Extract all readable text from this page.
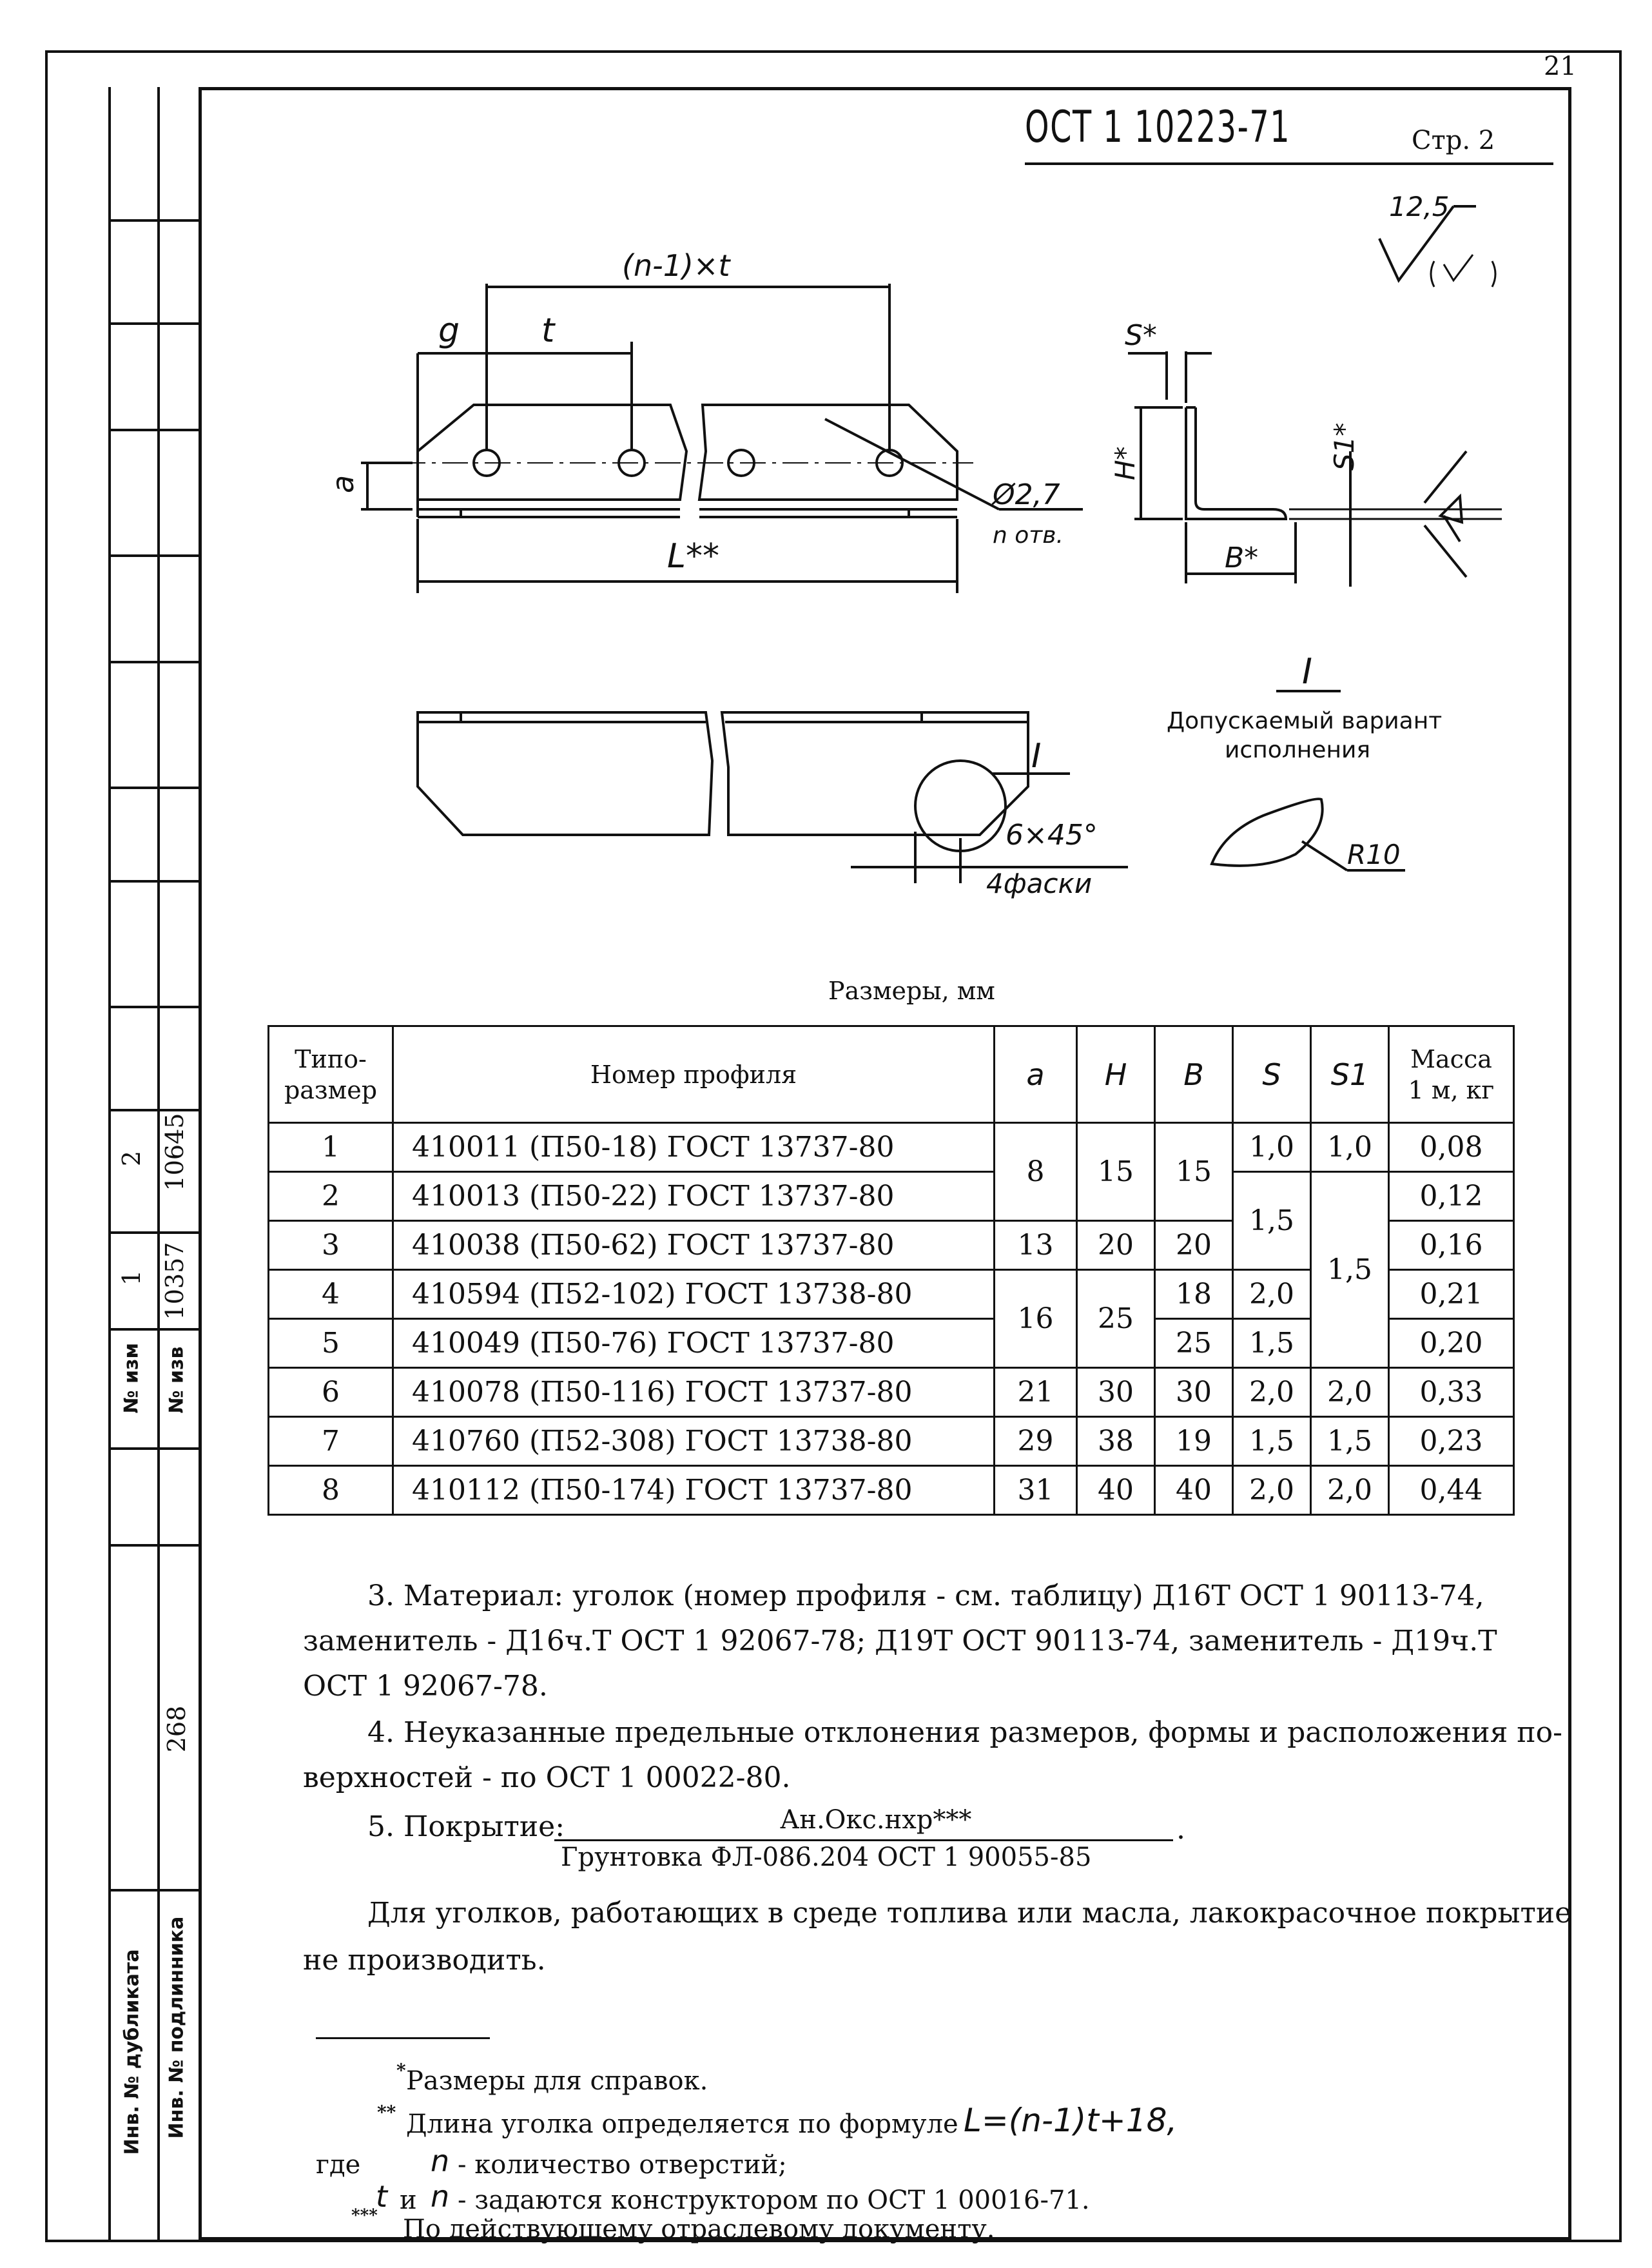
21
2 10645
1 10357
№ изм № изв
268
Инв. № дубликата Инв. № подлинника
ОСТ 1 10223-71	Стр. 2
12,5
(n-1)×t
g t
a
L**
Ø2,7
n отв.
S*
H*	S1*
B*
I
6×45°
4фаски
I
R10
Допускаемый вариант
исполнения
Размеры, мм
Типо-
размер	Номер профиля	a	H	B	S	S1	Масса
1 м, кг
1	410011 (П50-18) ГОСТ 13737-80	8	15	15	1,0	1,0	0,08
2	410013 (П50-22) ГОСТ 13737-80				1,5	1,5	0,12
3	410038 (П50-62) ГОСТ 13737-80	13	20	20			0,16
4	410594 (П52-102) ГОСТ 13738-80	16	25	18	2,0		0,21
5	410049 (П50-76) ГОСТ 13737-80			25	1,5		0,20
6	410078 (П50-116) ГОСТ 13737-80	21	30	30	2,0	2,0	0,33
7	410760 (П52-308) ГОСТ 13738-80	29	38	19	1,5	1,5	0,23
8	410112 (П50-174) ГОСТ 13737-80	31	40	40	2,0	2,0	0,44
3. Материал: уголок (номер профиля - см. таблицу) Д16Т ОСТ 1 90113-74,
заменитель - Д16ч.Т ОСТ 1 92067-78; Д19Т ОСТ 90113-74, заменитель - Д19ч.Т
ОСТ 1 92067-78.
4. Неуказанные предельные отклонения размеров, формы и расположения по-
верхностей - по ОСТ 1 00022-80.
5. Покрытие:	Ан.Окс.нхр***	.
Грунтовка ФЛ-086.204 ОСТ 1 90055-85
Для уголков, работающих в среде топлива или масла, лакокрасочное покрытие
не производить.
* Размеры для справок.
** Длина уголка определяется по формуле L=(n-1)t+18,
где n - количество отверстий;
t и n - задаются конструктором по ОСТ 1 00016-71.
*** По действующему отраслевому документу.
